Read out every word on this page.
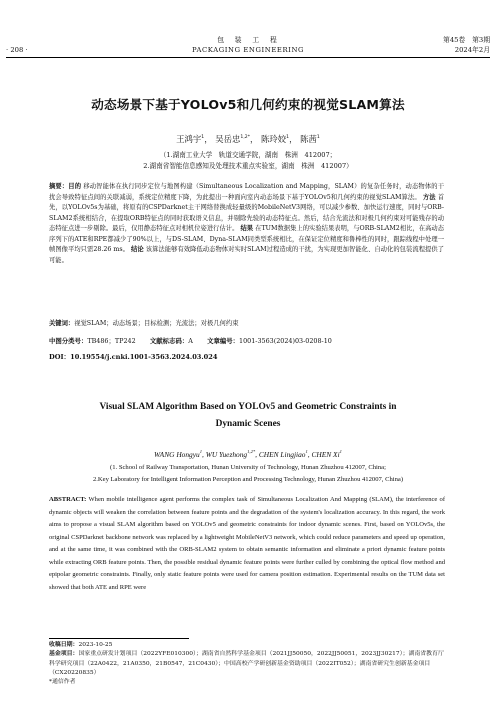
· 208 ·
包　装　工　程
PACKAGING ENGINEERING
第45卷　第3期
2024年2月
动态场景下基于YOLOv5和几何约束的视觉SLAM算法
王鸿宇$^1$， 吴岳忠$^{1,2*}$， 陈玲姣$^1$， 陈茜$^1$
（1.湖南工业大学　轨道交通学院，湖南　株洲　412007；
2.湖南省智能信息感知及处理技术重点实验室，湖南　株洲　412007）
摘要：目的 移动智能体在执行同步定位与地图构建（Simultaneous Localization and Mapping，SLAM）的复杂任务时，动态物体的干扰会导致特征点间的关联减弱，系统定位精度下降，为此提出一种面向室内动态场景下基于YOLOv5和几何约束的视觉SLAM算法。 方法 首先，以YOLOv5s为基础，将原有的CSPDarknet主干网络替换成轻量级的MobileNetV3网络，可以减少参数、加快运行速度，同时与ORB-SLAM2系统相结合，在提取ORB特征点的同时获取语义信息，并剔除先验的动态特征点。然后，结合光流法和对极几何约束对可能残存的动态特征点进一步剔除。最后，仅用静态特征点对相机位姿进行估计。 结果 在TUM数据集上的实验结果表明，与ORB-SLAM2相比，在高动态序列下的ATE和RPE都减少了90%以上，与DS-SLAM、Dyna-SLAM同类型系统相比，在保证定位精度和鲁棒性的同时，跟踪线程中处理一帧图像平均只需28.26 ms。 结论 该算法能够有效降低动态物体对实时SLAM过程造成的干扰，为实现更加智能化、自动化的包装流程提供了可能。
关键词：视觉SLAM；动态场景；目标检测；光流法；对极几何约束
中图分类号：TB486；TP242 文献标志码：A 文章编号：1001-3563(2024)03-0208-10
DOI：10.19554/j.cnki.1001-3563.2024.03.024
Visual SLAM Algorithm Based on YOLOv5 and Geometric Constraints in
Dynamic Scenes
WANG Hongyu$^1$, WU Yuezhong$^{1,2*}$, CHEN Lingjiao$^1$, CHEN Xi$^1$
(1. School of Railway Transportation, Hunan University of Technology, Hunan Zhuzhou 412007, China;
2.Key Laboratory for Intelligent Information Perception and Processing Technology, Hunan Zhuzhou 412007, China)
ABSTRACT: When mobile intelligence agent performs the complex task of Simultaneous Localization And Mapping (SLAM), the interference of dynamic objects will weaken the correlation between feature points and the degradation of the system's localization accuracy. In this regard, the work aims to propose a visual SLAM algorithm based on YOLOv5 and geometric constraints for indoor dynamic scenes. First, based on YOLOv5s, the original CSPDarknet backbone network was replaced by a lightweight MobileNetV3 network, which could reduce parameters and speed up operation, and at the same time, it was combined with the ORB-SLAM2 system to obtain semantic information and eliminate a priori dynamic feature points while extracting ORB feature points. Then, the possible residual dynamic feature points were further culled by combining the optical flow method and epipolar geometric constraints. Finally, only static feature points were used for camera position estimation. Experimental results on the TUM data set showed that both ATE and RPE were
收稿日期：2023-10-25
基金项目：国家重点研发计划项目（2022YFE010300）；湖南省自然科学基金项目（2021JJ50050，2022JJ50051，2023JJ30217）；湖南省教育厅科学研究项目（22A0422，21A0350，21B0547，21C0430）；中国高校产学研创新基金资助项目（2022IT052）；湖南省研究生创新基金项目（CX20220835）
*通信作者
